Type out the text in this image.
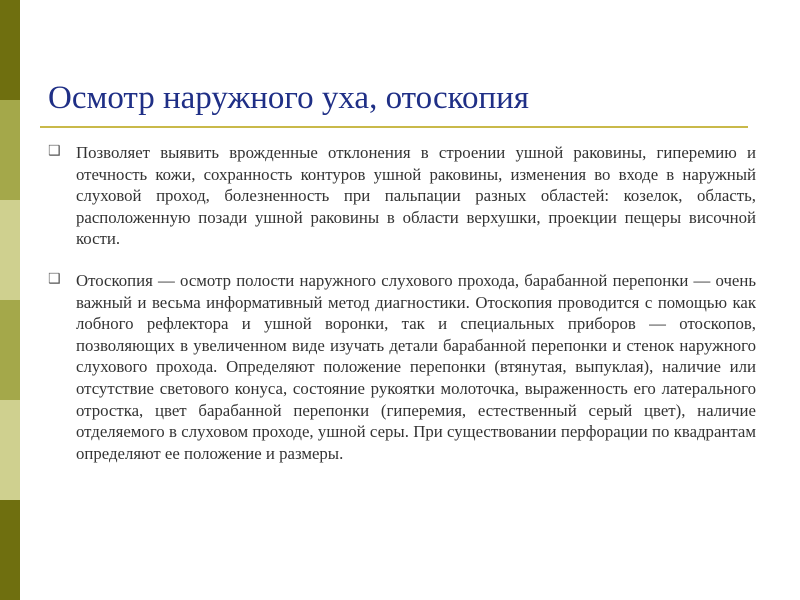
Осмотр наружного уха, отоскопия
❑ Позволяет выявить врожденные отклонения в строении ушной раковины, гиперемию и отечность кожи, сохранность контуров ушной раковины, изменения во входе в наружный слуховой проход, болезненность при пальпации разных областей: козелок, область, расположенную позади ушной раковины в области верхушки, проекции пещеры височной кости.

❑ Отоскопия — осмотр полости наружного слухового прохода, барабанной перепонки — очень важный и весьма информативный метод диагностики. Отоскопия проводится с помощью как лобного рефлектора и ушной воронки, так и специальных приборов — отоскопов, позволяющих в увеличенном виде изучать детали барабанной перепонки и стенок наружного слухового прохода. Определяют положение перепонки (втянутая, выпуклая), наличие или отсутствие светового конуса, состояние рукоятки молоточка, выраженность его латерального отростка, цвет барабанной перепонки (гиперемия, естественный серый цвет), наличие отделяемого в слуховом проходе, ушной серы. При существовании перфорации по квадрантам определяют ее положение и размеры.
